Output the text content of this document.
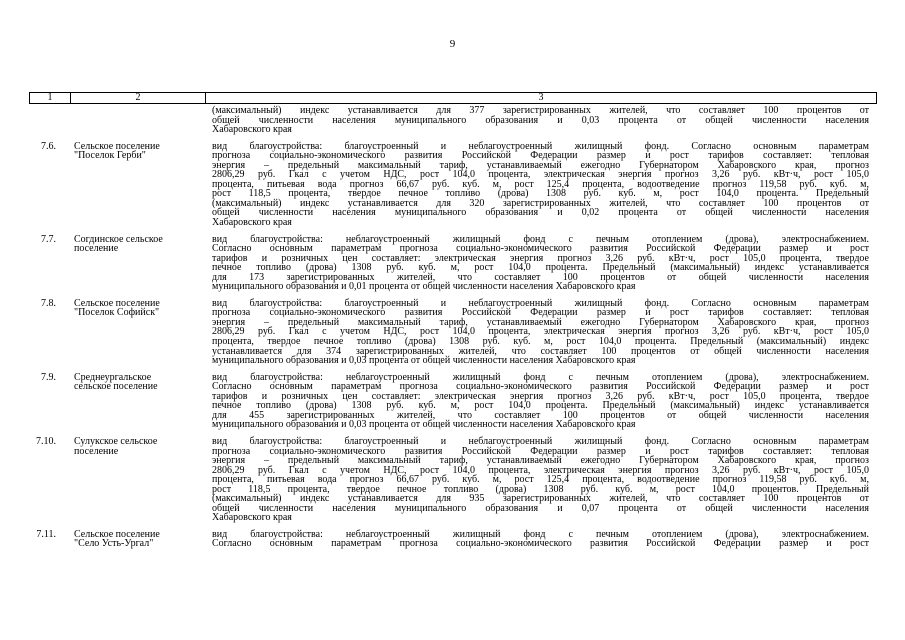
9
1	2	3
(максимальный) индекс устанавливается для 377 зарегистрированных жителей, что составляет 100 процентов от
общей численности населения муниципального образования и 0,03 процента от общей численности населения
Хабаровского края
7.6. Сельское поселение
"Поселок Герби"
вид благоустройства: благоустроенный и неблагоустроенный жилищный фонд. Согласно основным параметрам
прогноза социально-экономического развития Российской Федерации размер и рост тарифов составляет: тепловая
энергия – предельный максимальный тариф, устанавливаемый ежегодно Губернатором Хабаровского края, прогноз
2806,29 руб. Гкал с учетом НДС, рост 104,0 процента, электрическая энергия прогноз 3,26 руб. кВт·ч, рост 105,0
процента, питьевая вода прогноз 66,67 руб. куб. м, рост 125,4 процента, водоотведение прогноз 119,58 руб. куб. м,
рост 118,5 процента, твердое печное топливо (дрова) 1308 руб. куб. м, рост 104,0 процента. Предельный
(максимальный) индекс устанавливается для 320 зарегистрированных жителей, что составляет 100 процентов от
общей численности населения муниципального образования и 0,02 процента от общей численности населения
Хабаровского края
7.7. Согдинское сельское
поселение
вид благоустройства: неблагоустроенный жилищный фонд с печным отоплением (дрова), электроснабжением.
Согласно основным параметрам прогноза социально-экономического развития Российской Федерации размер и рост
тарифов и розничных цен составляет: электрическая энергия прогноз 3,26 руб. кВт·ч, рост 105,0 процента, твердое
печное топливо (дрова) 1308 руб. куб. м, рост 104,0 процента. Предельный (максимальный) индекс устанавливается
для 173 зарегистрированных жителей, что составляет 100 процентов от общей численности населения
муниципального образования и 0,01 процента от общей численности населения Хабаровского края
7.8. Сельское поселение
"Поселок Софийск"
вид благоустройства: благоустроенный и неблагоустроенный жилищный фонд. Согласно основным параметрам
прогноза социально-экономического развития Российской Федерации размер и рост тарифов составляет: тепловая
энергия – предельный максимальный тариф, устанавливаемый ежегодно Губернатором Хабаровского края, прогноз
2806,29 руб. Гкал с учетом НДС, рост 104,0 процента, электрическая энергия прогноз 3,26 руб. кВт·ч, рост 105,0
процента, твердое печное топливо (дрова) 1308 руб. куб. м, рост 104,0 процента. Предельный (максимальный) индекс
устанавливается для 374 зарегистрированных жителей, что составляет 100 процентов от общей численности населения
муниципального образования и 0,03 процента от общей численности населения Хабаровского края
7.9. Среднеургальское
сельское поселение
вид благоустройства: неблагоустроенный жилищный фонд с печным отоплением (дрова), электроснабжением.
Согласно основным параметрам прогноза социально-экономического развития Российской Федерации размер и рост
тарифов и розничных цен составляет: электрическая энергия прогноз 3,26 руб. кВт·ч, рост 105,0 процента, твердое
печное топливо (дрова) 1308 руб. куб. м, рост 104,0 процента. Предельный (максимальный) индекс устанавливается
для 455 зарегистрированных жителей, что составляет 100 процентов от общей численности населения
муниципального образования и 0,03 процента от общей численности населения Хабаровского края
7.10. Сулукское сельское
поселение
вид благоустройства: благоустроенный и неблагоустроенный жилищный фонд. Согласно основным параметрам
прогноза социально-экономического развития Российской Федерации размер и рост тарифов составляет: тепловая
энергия – предельный максимальный тариф, устанавливаемый ежегодно Губернатором Хабаровского края, прогноз
2806,29 руб. Гкал с учетом НДС, рост 104,0 процента, электрическая энергия прогноз 3,26 руб. кВт·ч, рост 105,0
процента, питьевая вода прогноз 66,67 руб. куб. м, рост 125,4 процента, водоотведение прогноз 119,58 руб. куб. м,
рост 118,5 процента, твердое печное топливо (дрова) 1308 руб. куб. м, рост 104,0 процентов. Предельный
(максимальный) индекс устанавливается для 935 зарегистрированных жителей, что составляет 100 процентов от
общей численности населения муниципального образования и 0,07 процента от общей численности населения
Хабаровского края
7.11. Сельское поселение
"Село Усть-Ургал"
вид благоустройства: неблагоустроенный жилищный фонд с печным отоплением (дрова), электроснабжением.
Согласно основным параметрам прогноза социально-экономического развития Российской Федерации размер и рост
